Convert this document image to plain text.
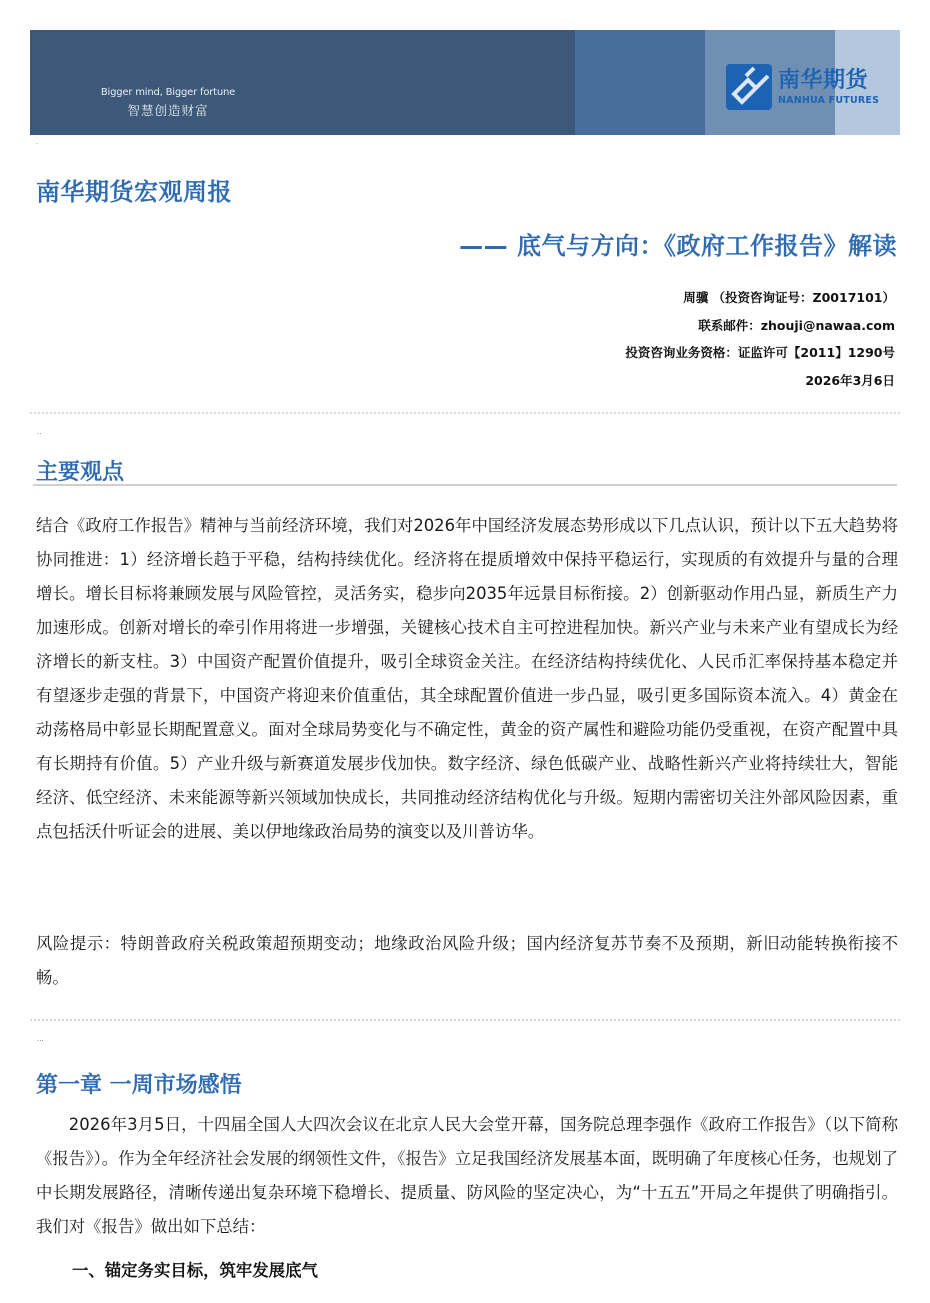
Bigger mind, Bigger fortune
智慧创造财富
南华期货
NANHUA FUTURES
·
南华期货宏观周报
—— 底气与方向：《政府工作报告》解读
周骥 （投资咨询证号：Z0017101）
联系邮件：zhouji@nawaa.com
投资咨询业务资格：证监许可【2011】1290号
2026年3月6日
··
主要观点
结合《政府工作报告》精神与当前经济环境，我们对2026年中国经济发展态势形成以下几点认识，预计以下五大趋势将协同推进：1）经济增长趋于平稳，结构持续优化。经济将在提质增效中保持平稳运行，实现质的有效提升与量的合理增长。增长目标将兼顾发展与风险管控，灵活务实，稳步向2035年远景目标衔接。2）创新驱动作用凸显，新质生产力加速形成。创新对增长的牵引作用将进一步增强，关键核心技术自主可控进程加快。新兴产业与未来产业有望成长为经济增长的新支柱。3）中国资产配置价值提升，吸引全球资金关注。在经济结构持续优化、人民币汇率保持基本稳定并有望逐步走强的背景下，中国资产将迎来价值重估，其全球配置价值进一步凸显，吸引更多国际资本流入。4）黄金在动荡格局中彰显长期配置意义。面对全球局势变化与不确定性，黄金的资产属性和避险功能仍受重视，在资产配置中具有长期持有价值。5）产业升级与新赛道发展步伐加快。数字经济、绿色低碳产业、战略性新兴产业将持续壮大，智能经济、低空经济、未来能源等新兴领域加快成长，共同推动经济结构优化与升级。短期内需密切关注外部风险因素，重点包括沃什听证会的进展、美以伊地缘政治局势的演变以及川普访华。
风险提示：特朗普政府关税政策超预期变动；地缘政治风险升级；国内经济复苏节奏不及预期，新旧动能转换衔接不畅。
···
第一章 一周市场感悟
2026年3月5日，十四届全国人大四次会议在北京人民大会堂开幕，国务院总理李强作《政府工作报告》（以下简称《报告》）。作为全年经济社会发展的纲领性文件，《报告》立足我国经济发展基本面，既明确了年度核心任务，也规划了中长期发展路径，清晰传递出复杂环境下稳增长、提质量、防风险的坚定决心，为“十五五”开局之年提供了明确指引。我们对《报告》做出如下总结：
一、锚定务实目标，筑牢发展底气
